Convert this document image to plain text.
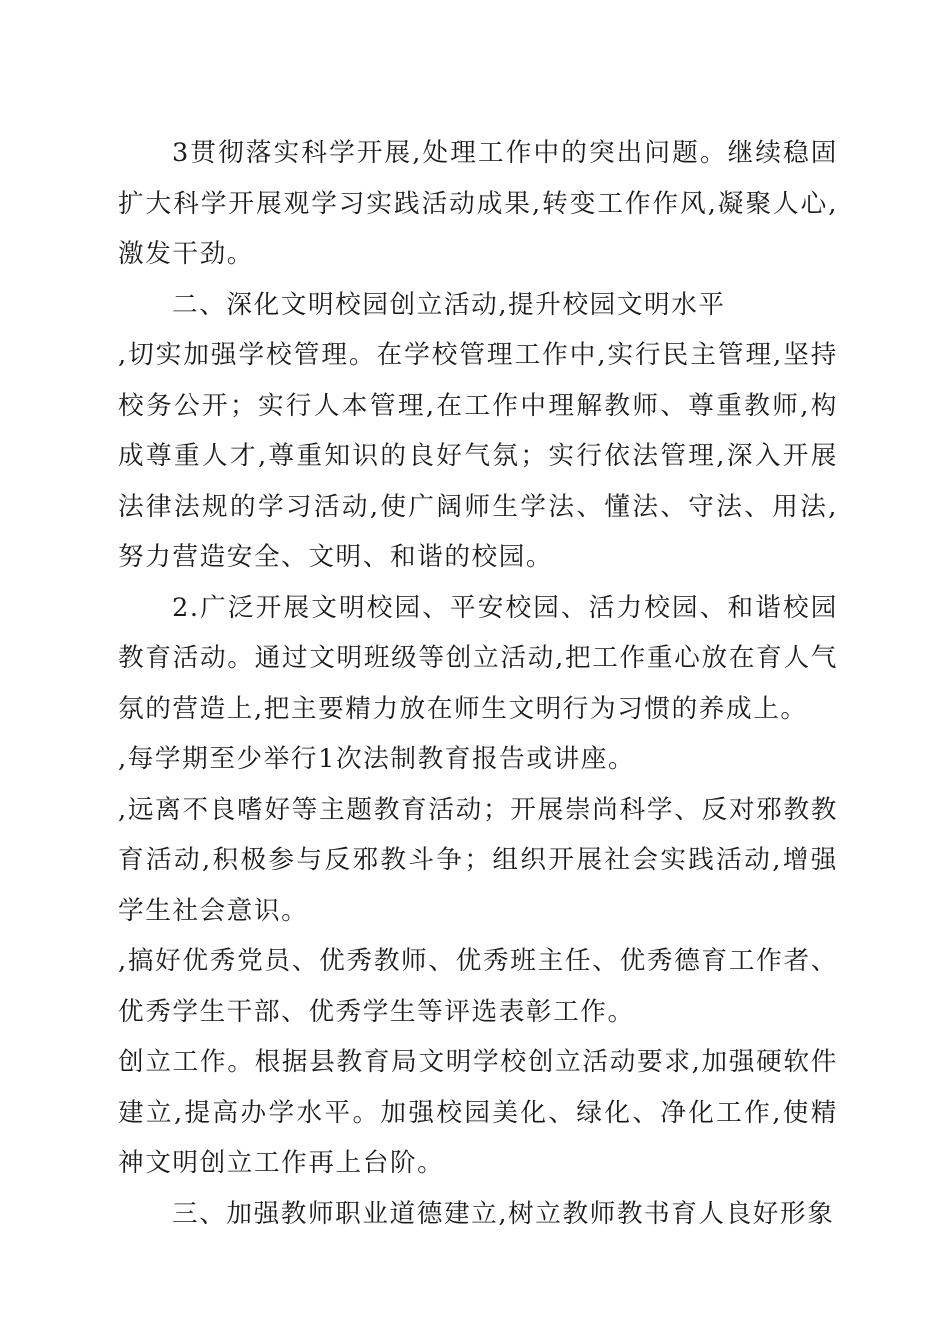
3贯彻落实科学开展,处理工作中的突出问题。继续稳固扩大科学开展观学习实践活动成果,转变工作作风,凝聚人心,激发干劲。

二、深化文明校园创立活动,提升校园文明水平

,切实加强学校管理。在学校管理工作中,实行民主管理,坚持校务公开；实行人本管理,在工作中理解教师、尊重教师,构成尊重人才,尊重知识的良好气氛；实行依法管理,深入开展法律法规的学习活动,使广阔师生学法、懂法、守法、用法,努力营造安全、文明、和谐的校园。

2.广泛开展文明校园、平安校园、活力校园、和谐校园教育活动。通过文明班级等创立活动,把工作重心放在育人气氛的营造上,把主要精力放在师生文明行为习惯的养成上。

,每学期至少举行1次法制教育报告或讲座。

,远离不良嗜好等主题教育活动；开展崇尚科学、反对邪教教育活动,积极参与反邪教斗争；组织开展社会实践活动,增强学生社会意识。

,搞好优秀党员、优秀教师、优秀班主任、优秀德育工作者、优秀学生干部、优秀学生等评选表彰工作。

创立工作。根据县教育局文明学校创立活动要求,加强硬软件建立,提高办学水平。加强校园美化、绿化、净化工作,使精神文明创立工作再上台阶。

三、加强教师职业道德建立,树立教师教书育人良好形象
